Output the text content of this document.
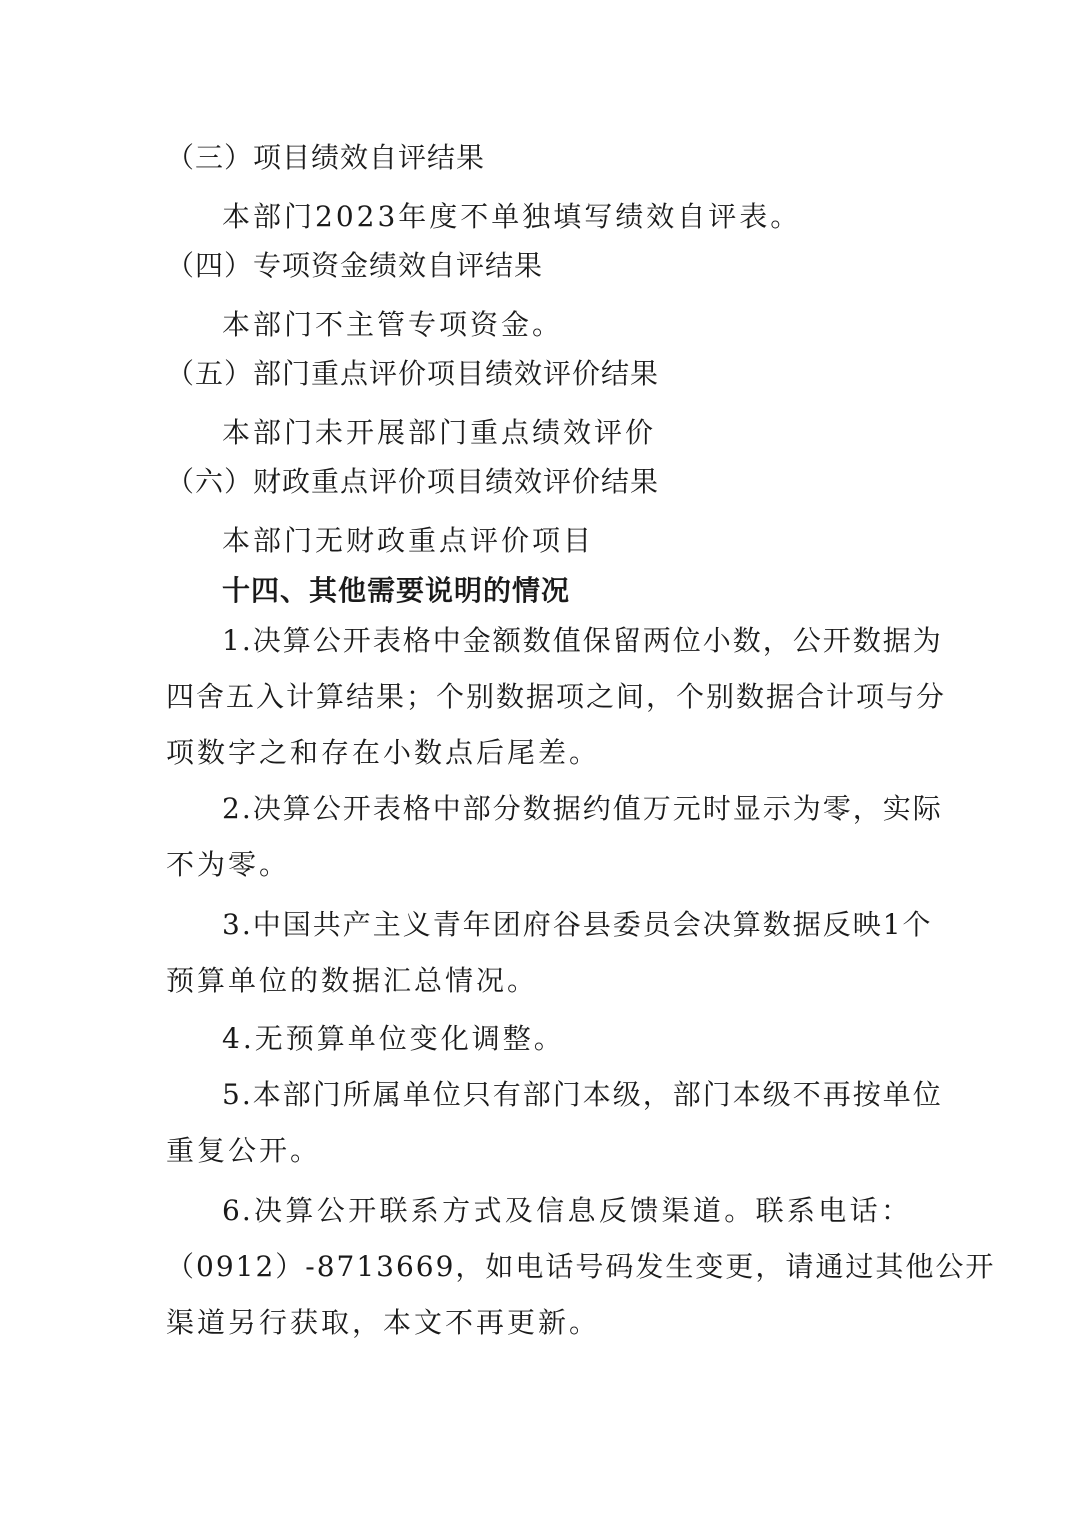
（三）项目绩效自评结果
本部门2023年度不单独填写绩效自评表。
（四）专项资金绩效自评结果
本部门不主管专项资金。
（五）部门重点评价项目绩效评价结果
本部门未开展部门重点绩效评价
（六）财政重点评价项目绩效评价结果
本部门无财政重点评价项目
十四、其他需要说明的情况
1.决算公开表格中金额数值保留两位小数，公开数据为
四舍五入计算结果；个别数据项之间，个别数据合计项与分
项数字之和存在小数点后尾差。
2.决算公开表格中部分数据约值万元时显示为零，实际
不为零。
3.中国共产主义青年团府谷县委员会决算数据反映1个
预算单位的数据汇总情况。
4.无预算单位变化调整。
5.本部门所属单位只有部门本级，部门本级不再按单位
重复公开。
6.决算公开联系方式及信息反馈渠道。联系电话：
（0912）-8713669，如电话号码发生变更，请通过其他公开
渠道另行获取，本文不再更新。
